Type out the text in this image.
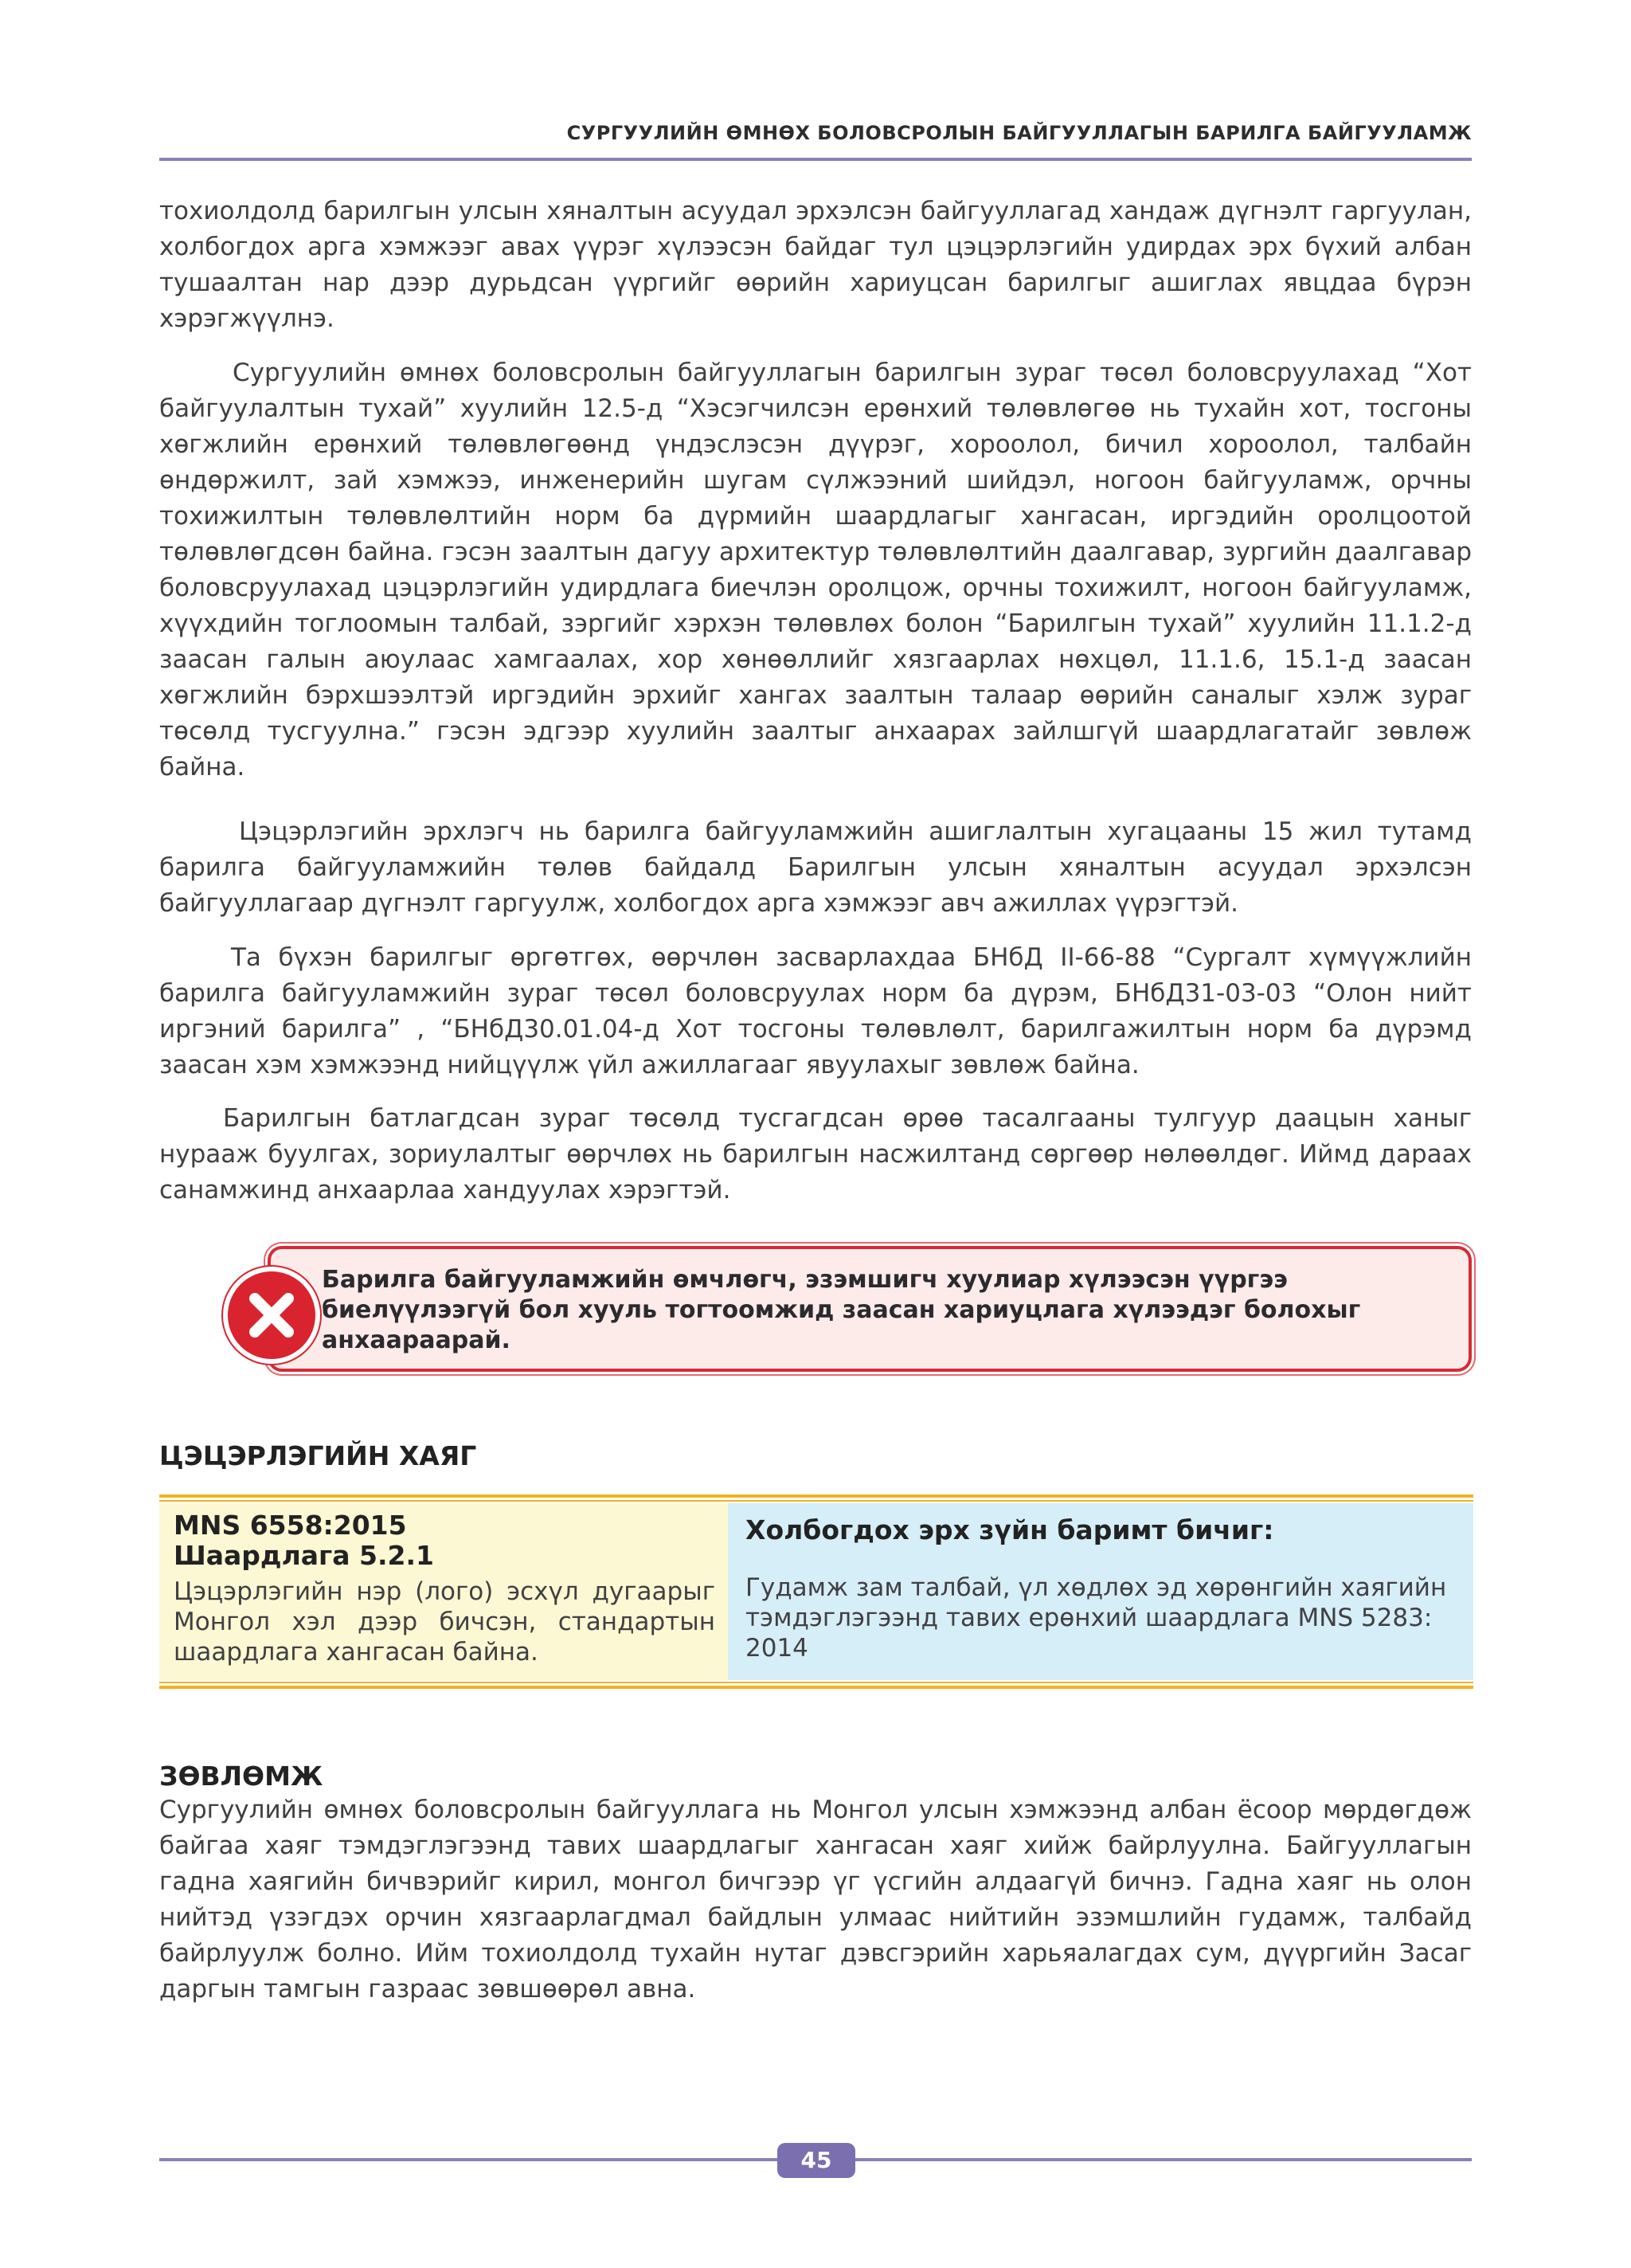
СУРГУУЛИЙН ӨМНӨХ БОЛОВСРОЛЫН БАЙГУУЛЛАГЫН БАРИЛГА БАЙГУУЛАМЖ

тохиолдолд барилгын улсын хяналтын асуудал эрхэлсэн байгууллагад хандаж дүгнэлт гаргуулан, холбогдох арга хэмжээг авах үүрэг хүлээсэн байдаг тул цэцэрлэгийн удирдах эрх бүхий албан тушаалтан нар дээр дурьдсан үүргийг өөрийн хариуцсан барилгыг ашиглах явцдаа бүрэн хэрэгжүүлнэ.

Сургуулийн өмнөх боловсролын байгууллагын барилгын зураг төсөл боловсруулахад “Хот байгуулалтын тухай” хуулийн 12.5-д “Хэсэгчилсэн ерөнхий төлөвлөгөө нь тухайн хот, тосгоны хөгжлийн ерөнхий төлөвлөгөөнд үндэслэсэн дүүрэг, хороолол, бичил хороолол, талбайн өндөржилт, зай хэмжээ, инженерийн шугам сүлжээний шийдэл, ногоон байгууламж, орчны тохижилтын төлөвлөлтийн норм ба дүрмийн шаардлагыг хангасан, иргэдийн оролцоотой төлөвлөгдсөн байна. гэсэн заалтын дагуу архитектур төлөвлөлтийн даалгавар, зургийн даалгавар боловсруулахад цэцэрлэгийн удирдлага биечлэн оролцож, орчны тохижилт, ногоон байгууламж, хүүхдийн тоглоомын талбай, зэргийг хэрхэн төлөвлөх болон “Барилгын тухай” хуулийн 11.1.2-д заасан галын аюулаас хамгаалах, хор хөнөөллийг хязгаарлах нөхцөл, 11.1.6, 15.1-д заасан хөгжлийн бэрхшээлтэй иргэдийн эрхийг хангах заалтын талаар өөрийн саналыг хэлж зураг төсөлд тусгуулна.” гэсэн эдгээр хуулийн заалтыг анхаарах зайлшгүй шаардлагатайг зөвлөж байна.

Цэцэрлэгийн эрхлэгч нь барилга байгууламжийн ашиглалтын хугацааны 15 жил тутамд барилга байгууламжийн төлөв байдалд Барилгын улсын хяналтын асуудал эрхэлсэн байгууллагаар дүгнэлт гаргуулж, холбогдох арга хэмжээг авч ажиллах үүрэгтэй.

Та бүхэн барилгыг өргөтгөх, өөрчлөн засварлахдаа БНбД II-66-88 “Сургалт хүмүүжлийн барилга байгууламжийн зураг төсөл боловсруулах норм ба дүрэм, БНбД31-03-03 “Олон нийт иргэний барилга” , “БНбД30.01.04-д Хот тосгоны төлөвлөлт, барилгажилтын норм ба дүрэмд заасан хэм хэмжээнд нийцүүлж үйл ажиллагааг явуулахыг зөвлөж байна.

Барилгын батлагдсан зураг төсөлд тусгагдсан өрөө тасалгааны тулгуур даацын ханыг нурааж буулгах, зориулалтыг өөрчлөх нь барилгын насжилтанд сөргөөр нөлөөлдөг. Иймд дараах санамжинд анхаарлаа хандуулах хэрэгтэй.

Барилга байгууламжийн өмчлөгч, эзэмшигч хуулиар хүлээсэн үүргээ биелүүлээгүй бол хууль тогтоомжид заасан хариуцлага хүлээдэг болохыг анхаараарай.
ЦЭЦЭРЛЭГИЙН ХАЯГ
MNS 6558:2015
Шаардлага 5.2.1
Цэцэрлэгийн нэр (лого) эсхүл дугаарыг Монгол хэл дээр бичсэн, стандартын шаардлага хангасан байна.
Холбогдох эрх зүйн баримт бичиг:
Гудамж зам талбай, үл хөдлөх эд хөрөнгийн хаягийн тэмдэглэгээнд тавих ерөнхий шаардлага MNS 5283: 2014
ЗӨВЛӨМЖ

Сургуулийн өмнөх боловсролын байгууллага нь Монгол улсын хэмжээнд албан ёсоор мөрдөгдөж байгаа хаяг тэмдэглэгээнд тавих шаардлагыг хангасан хаяг хийж байрлуулна. Байгууллагын гадна хаягийн бичвэрийг кирил, монгол бичгээр үг үсгийн алдаагүй бичнэ. Гадна хаяг нь олон нийтэд үзэгдэх орчин хязгаарлагдмал байдлын улмаас нийтийн эзэмшлийн гудамж, талбайд байрлуулж болно. Ийм тохиолдолд тухайн нутаг дэвсгэрийн харьяалагдах сум, дүүргийн Засаг даргын тамгын газраас зөвшөөрөл авна.

45
